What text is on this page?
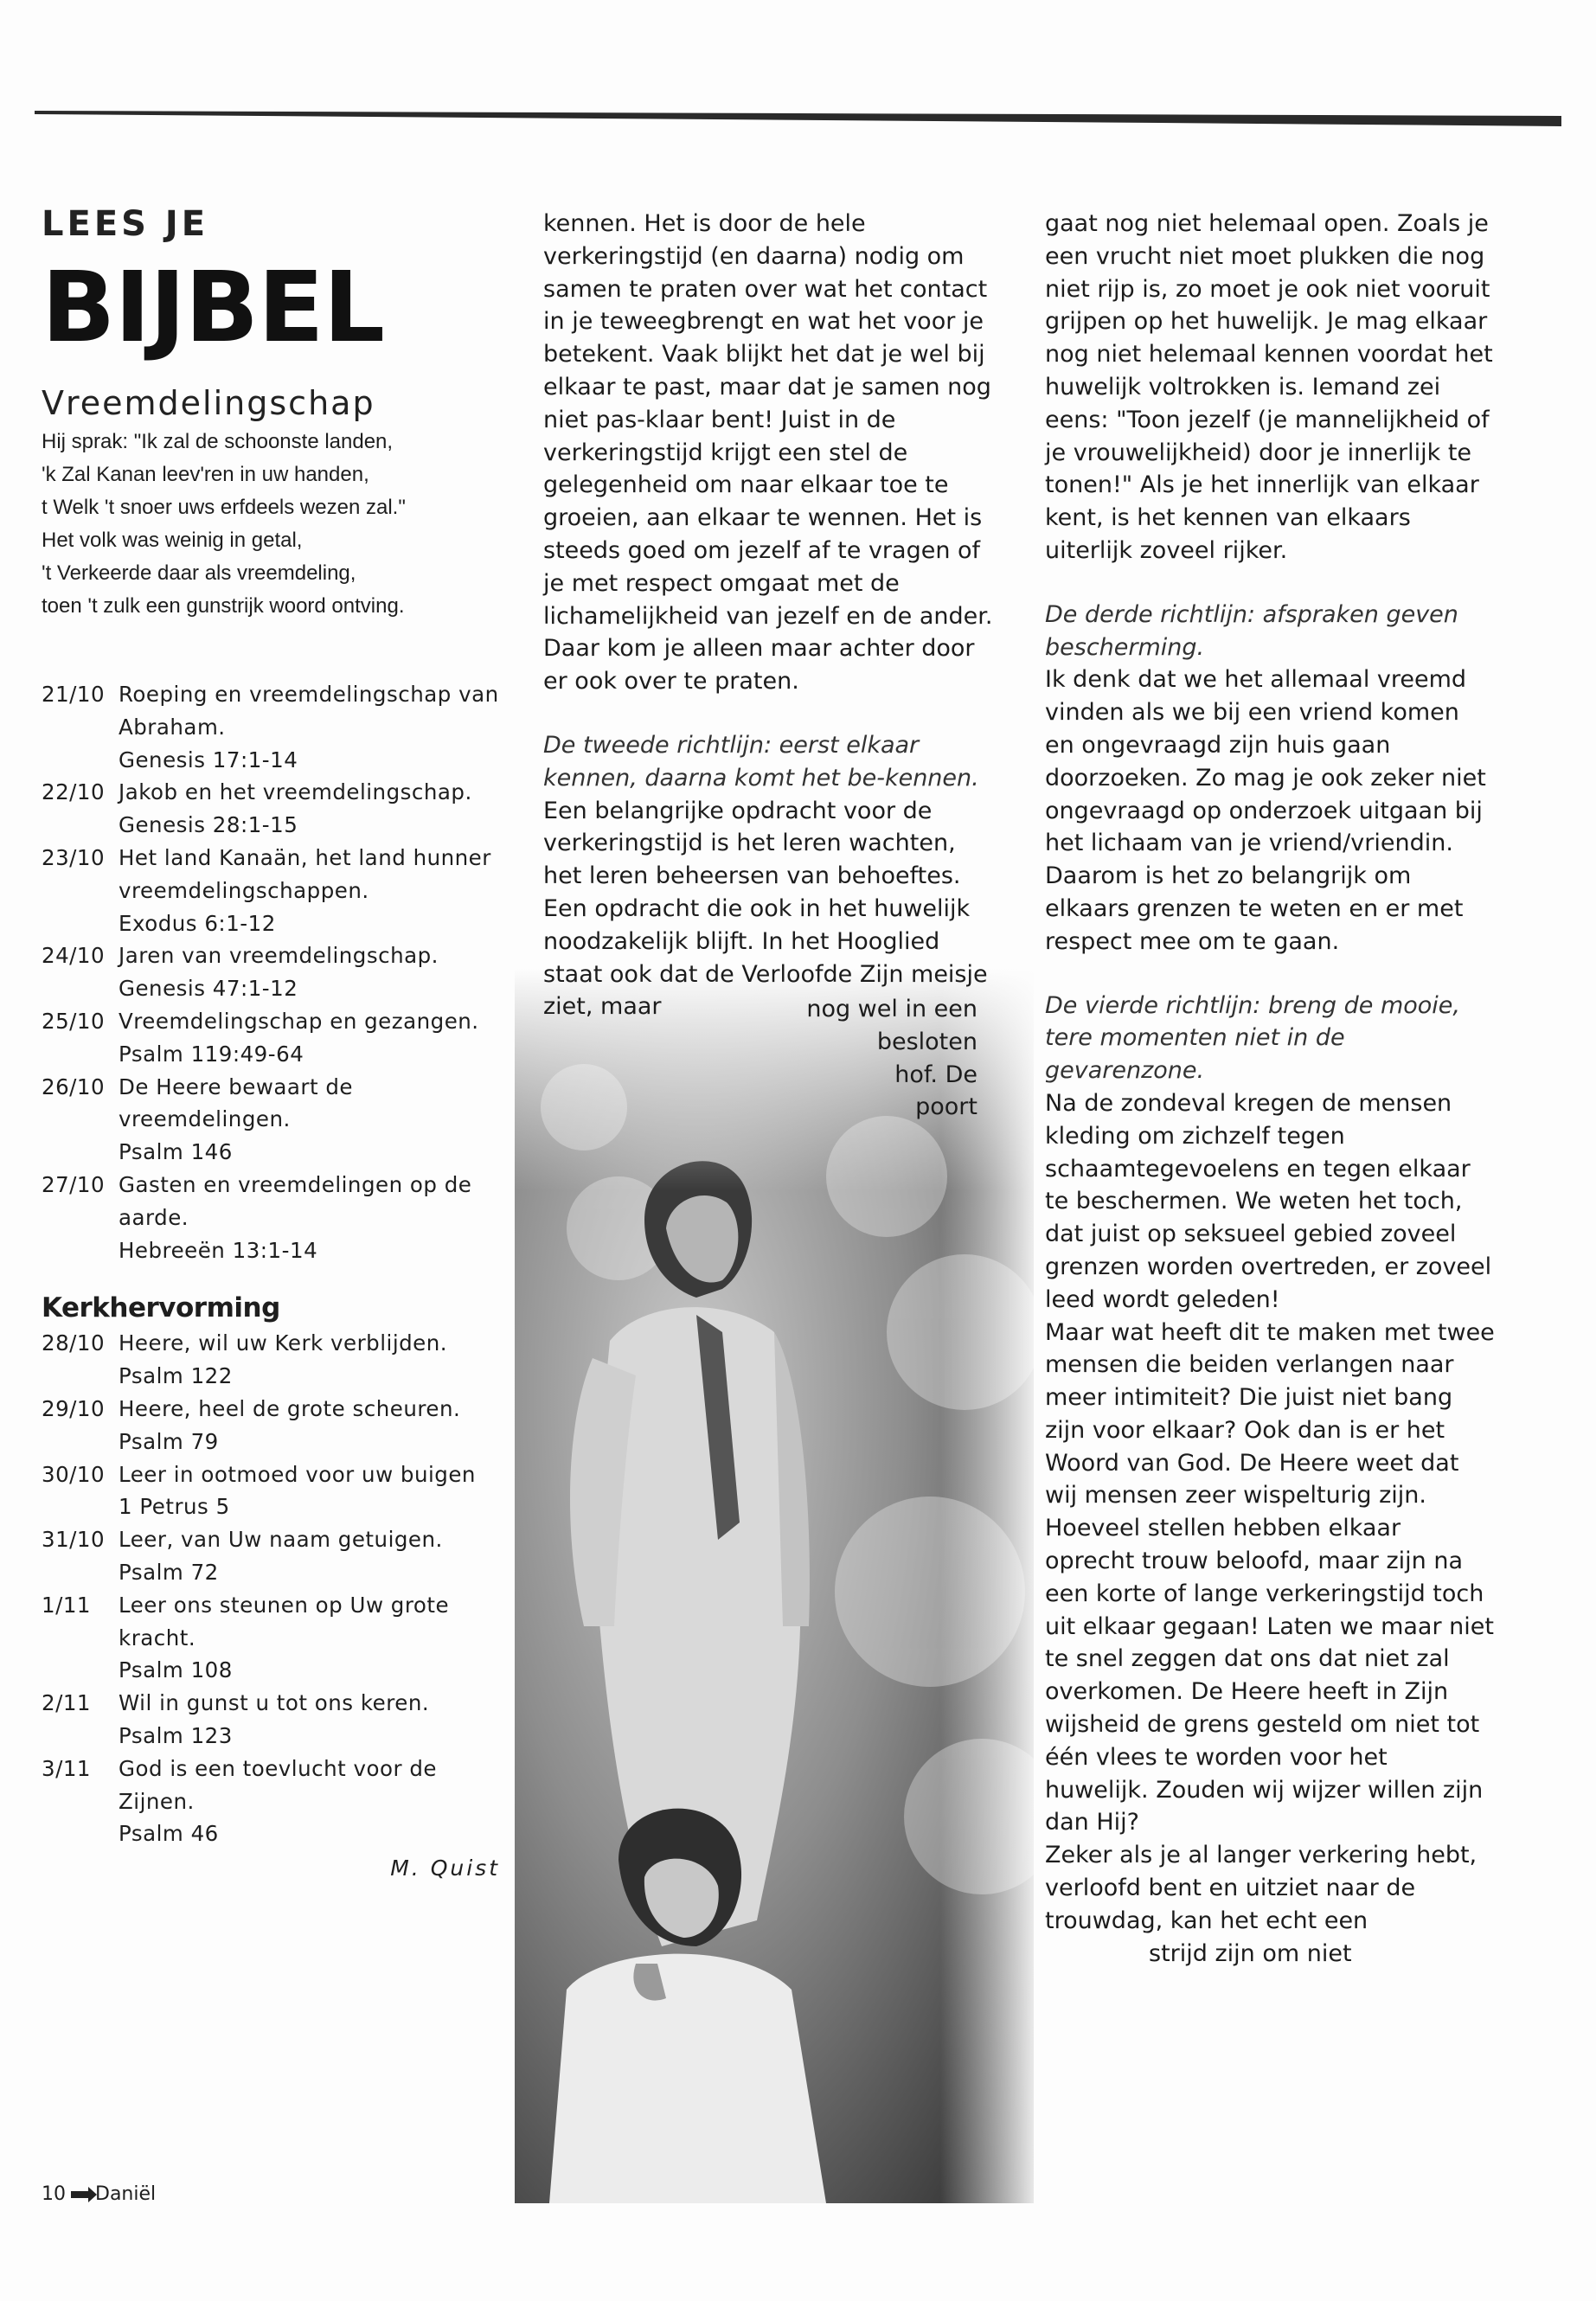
LEES JE
BIJBEL
Vreemdelingschap
Hij sprak: "Ik zal de schoonste landen,
'k Zal Kanan leev'ren in uw handen,
t Welk 't snoer uws erfdeels wezen zal."
Het volk was weinig in getal,
't Verkeerde daar als vreemdeling,
toen 't zulk een gunstrijk woord ontving.
21/10 Roeping en vreemdelingschap van Abraham.
Genesis 17:1-14
22/10 Jakob en het vreemdelingschap.
Genesis 28:1-15
23/10 Het land Kanaän, het land hunner vreemdelingschappen.
Exodus 6:1-12
24/10 Jaren van vreemdelingschap.
Genesis 47:1-12
25/10 Vreemdelingschap en gezangen.
Psalm 119:49-64
26/10 De Heere bewaart de vreemdelingen.
Psalm 146
27/10 Gasten en vreemdelingen op de aarde.
Hebreeën 13:1-14
Kerkhervorming
28/10 Heere, wil uw Kerk verblijden.
Psalm 122
29/10 Heere, heel de grote scheuren.
Psalm 79
30/10 Leer in ootmoed voor uw buigen
1 Petrus 5
31/10 Leer, van Uw naam getuigen.
Psalm 72
1/11	Leer ons steunen op Uw grote kracht.
Psalm 108
2/11	Wil in gunst u tot ons keren.
Psalm 123
3/11	God is een toevlucht voor de Zijnen.
Psalm 46
M. Quist
10 Daniël

kennen. Het is door de hele verkeringstijd (en daarna) nodig om samen te praten over wat het contact in je teweegbrengt en wat het voor je betekent. Vaak blijkt het dat je wel bij elkaar te past, maar dat je samen nog niet pas-klaar bent! Juist in de verkeringstijd krijgt een stel de gelegenheid om naar elkaar toe te groeien, aan elkaar te wennen. Het is steeds goed om jezelf af te vragen of je met respect omgaat met de lichamelijkheid van jezelf en de ander. Daar kom je alleen maar achter door er ook over te praten.

De tweede richtlijn: eerst elkaar kennen, daarna komt het be-kennen.

Een belangrijke opdracht voor de verkeringstijd is het leren wachten, het leren beheersen van behoeftes. Een opdracht die ook in het huwelijk noodzakelijk blijft. In het Hooglied staat ook dat de Verloofde Zijn meisje ziet, maar	nog wel in een
besloten
hof. De
poort

gaat nog niet helemaal open. Zoals je een vrucht niet moet plukken die nog niet rijp is, zo moet je ook niet vooruit grijpen op het huwelijk. Je mag elkaar nog niet helemaal kennen voordat het huwelijk voltrokken is. Iemand zei eens: "Toon jezelf (je mannelijkheid of je vrouwelijkheid) door je innerlijk te tonen!" Als je het innerlijk van elkaar kent, is het kennen van elkaars uiterlijk zoveel rijker.

De derde richtlijn: afspraken geven bescherming.

Ik denk dat we het allemaal vreemd vinden als we bij een vriend komen en ongevraagd zijn huis gaan doorzoeken. Zo mag je ook zeker niet ongevraagd op onderzoek uitgaan bij het lichaam van je vriend/vriendin. Daarom is het zo belangrijk om elkaars grenzen te weten en er met respect mee om te gaan.

De vierde richtlijn: breng de mooie, tere momenten niet in de gevarenzone.

Na de zondeval kregen de mensen kleding om zichzelf tegen schaamtegevoelens en tegen elkaar te beschermen. We weten het toch, dat juist op seksueel gebied zoveel grenzen worden overtreden, er zoveel leed wordt geleden!

Maar wat heeft dit te maken met twee mensen die beiden verlangen naar meer intimiteit? Die juist niet bang zijn voor elkaar? Ook dan is er het Woord van God. De Heere weet dat wij mensen zeer wispelturig zijn. Hoeveel stellen hebben elkaar oprecht trouw beloofd, maar zijn na een korte of lange verkeringstijd toch uit elkaar gegaan! Laten we maar niet te snel zeggen dat ons dat niet zal overkomen. De Heere heeft in Zijn wijsheid de grens gesteld om niet tot één vlees te worden voor het huwelijk. Zouden wij wijzer willen zijn dan Hij?

Zeker als je al langer verkering hebt, verloofd bent en uitziet naar de trouwdag, kan het echt een

strijd zijn om niet
